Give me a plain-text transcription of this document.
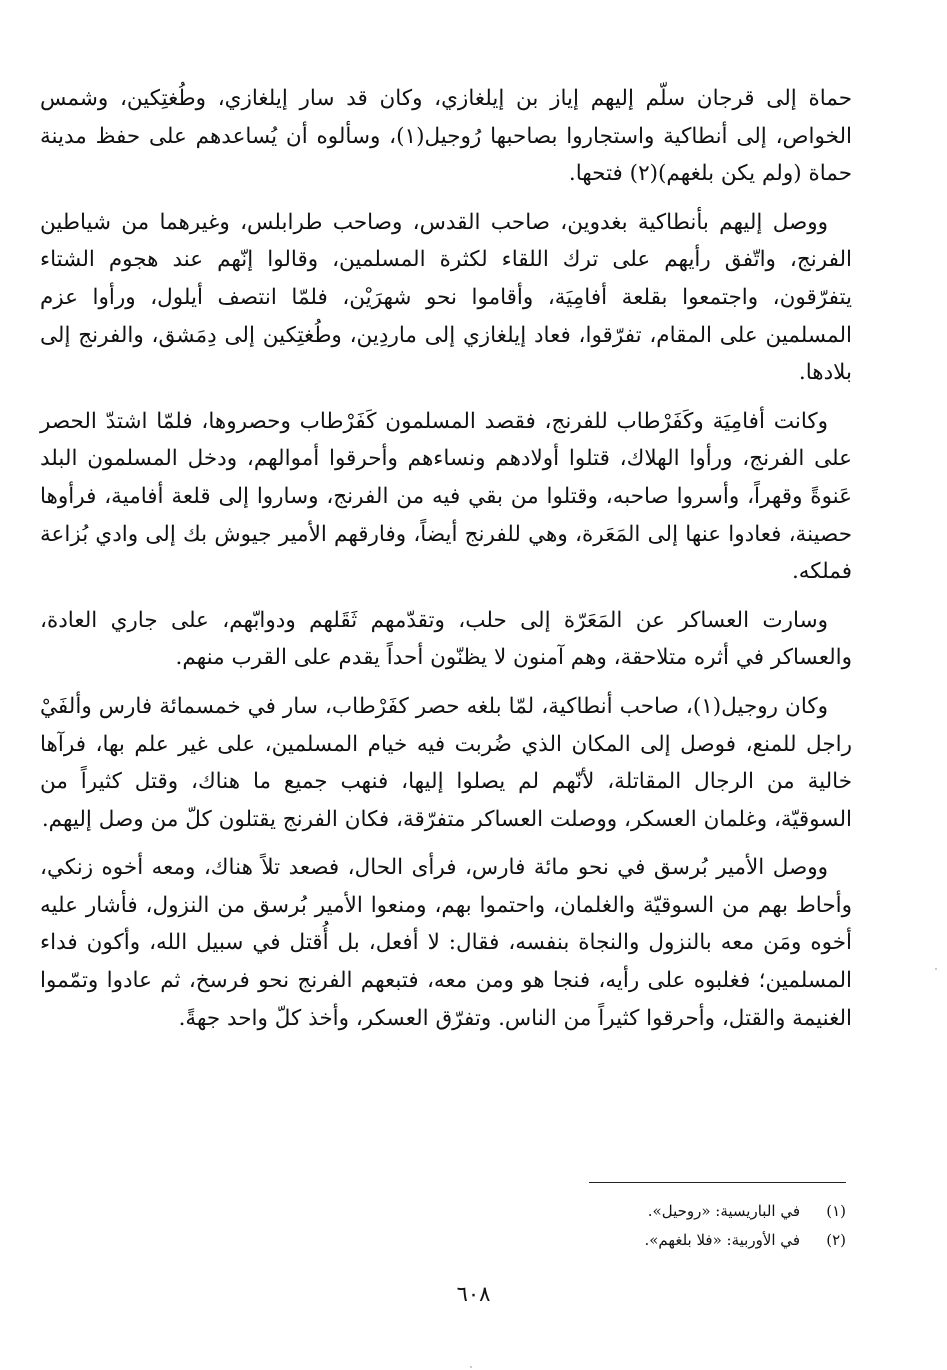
حماة إلى قرجان سلّم إليهم إياز بن إيلغازي، وكان قد سار إيلغازي، وطُغتِكين، وشمس الخواص، إلى أنطاكية واستجاروا بصاحبها رُوجيل(١)، وسألوه أن يُساعدهم على حفظ مدينة حماة (ولم يكن بلغهم)(٢) فتحها.

ووصل إليهم بأنطاكية بغدوين، صاحب القدس، وصاحب طرابلس، وغيرهما من شياطين الفرنج، واتّفق رأيهم على ترك اللقاء لكثرة المسلمين، وقالوا إنّهم عند هجوم الشتاء يتفرّقون، واجتمعوا بقلعة أفامِيَة، وأقاموا نحو شهرَيْن، فلمّا انتصف أيلول، ورأوا عزم المسلمين على المقام، تفرّقوا، فعاد إيلغازي إلى ماردِين، وطُغتِكين إلى دِمَشق، والفرنج إلى بلادها.

وكانت أفامِيَة وكَفَرْطاب للفرنج، فقصد المسلمون كَفَرْطاب وحصروها، فلمّا اشتدّ الحصر على الفرنج، ورأوا الهلاك، قتلوا أولادهم ونساءهم وأحرقوا أموالهم، ودخل المسلمون البلد عَنوةً وقهراً، وأسروا صاحبه، وقتلوا من بقي فيه من الفرنج، وساروا إلى قلعة أفامية، فرأوها حصينة، فعادوا عنها إلى المَعَرة، وهي للفرنج أيضاً، وفارقهم الأمير جيوش بك إلى وادي بُزاعة فملكه.

وسارت العساكر عن المَعَرّة إلى حلب، وتقدّمهم ثَقَلهم ودوابّهم، على جاري العادة، والعساكر في أثره متلاحقة، وهم آمنون لا يظنّون أحداً يقدم على القرب منهم.

وكان روجيل(١)، صاحب أنطاكية، لمّا بلغه حصر كفَرْطاب، سار في خمسمائة فارس وألفَيْ راجل للمنع، فوصل إلى المكان الذي ضُربت فيه خيام المسلمين، على غير علم بها، فرآها خالية من الرجال المقاتلة، لأنّهم لم يصلوا إليها، فنهب جميع ما هناك، وقتل كثيراً من السوقيّة، وغلمان العسكر، ووصلت العساكر متفرّقة، فكان الفرنج يقتلون كلّ من وصل إليهم.

ووصل الأمير بُرسق في نحو مائة فارس، فرأى الحال، فصعد تلاً هناك، ومعه أخوه زنكي، وأحاط بهم من السوقيّة والغلمان، واحتموا بهم، ومنعوا الأمير بُرسق من النزول، فأشار عليه أخوه ومَن معه بالنزول والنجاة بنفسه، فقال: لا أفعل، بل أُقتل في سبيل الله، وأكون فداء المسلمين؛ فغلبوه على رأيه، فنجا هو ومن معه، فتبعهم الفرنج نحو فرسخ، ثم عادوا وتمّموا الغنيمة والقتل، وأحرقوا كثيراً من الناس. وتفرّق العسكر، وأخذ كلّ واحد جهةً.

(١)
في الباريسية: «روحيل».
(٢)
في الأوربية: «فلا بلغهم».
٦٠٨
